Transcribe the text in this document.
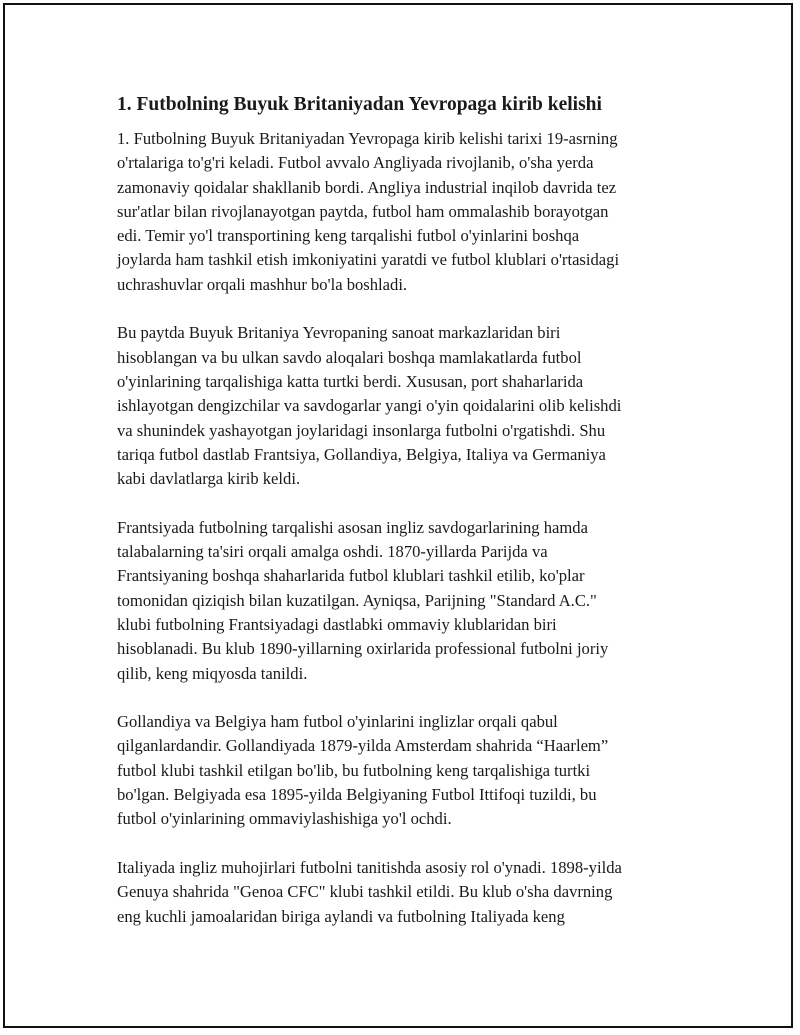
1. Futbolning Buyuk Britaniyadan Yevropaga kirib kelishi

1. Futbolning Buyuk Britaniyadan Yevropaga kirib kelishi tarixi 19-asrning
o'rtalariga to'g'ri keladi. Futbol avvalo Angliyada rivojlanib, o'sha yerda
zamonaviy qoidalar shakllanib bordi. Angliya industrial inqilob davrida tez
sur'atlar bilan rivojlanayotgan paytda, futbol ham ommalashib borayotgan
edi. Temir yo'l transportining keng tarqalishi futbol o'yinlarini boshqa
joylarda ham tashkil etish imkoniyatini yaratdi ve futbol klublari o'rtasidagi
uchrashuvlar orqali mashhur bo'la boshladi.

Bu paytda Buyuk Britaniya Yevropaning sanoat markazlaridan biri
hisoblangan va bu ulkan savdo aloqalari boshqa mamlakatlarda futbol
o'yinlarining tarqalishiga katta turtki berdi. Xususan, port shaharlarida
ishlayotgan dengizchilar va savdogarlar yangi o'yin qoidalarini olib kelishdi
va shunindek yashayotgan joylaridagi insonlarga futbolni o'rgatishdi. Shu
tariqa futbol dastlab Frantsiya, Gollandiya, Belgiya, Italiya va Germaniya
kabi davlatlarga kirib keldi.

Frantsiyada futbolning tarqalishi asosan ingliz savdogarlarining hamda
talabalarning ta'siri orqali amalga oshdi. 1870-yillarda Parijda va
Frantsiyaning boshqa shaharlarida futbol klublari tashkil etilib, ko'plar
tomonidan qiziqish bilan kuzatilgan. Ayniqsa, Parijning "Standard A.C."
klubi futbolning Frantsiyadagi dastlabki ommaviy klublaridan biri
hisoblanadi. Bu klub 1890-yillarning oxirlarida professional futbolni joriy
qilib, keng miqyosda tanildi.

Gollandiya va Belgiya ham futbol o'yinlarini inglizlar orqali qabul
qilganlardandir. Gollandiyada 1879-yilda Amsterdam shahrida “Haarlem”
futbol klubi tashkil etilgan bo'lib, bu futbolning keng tarqalishiga turtki
bo'lgan. Belgiyada esa 1895-yilda Belgiyaning Futbol Ittifoqi tuzildi, bu
futbol o'yinlarining ommaviylashishiga yo'l ochdi.

Italiyada ingliz muhojirlari futbolni tanitishda asosiy rol o'ynadi. 1898-yilda
Genuya shahrida "Genoa CFC" klubi tashkil etildi. Bu klub o'sha davrning
eng kuchli jamoalaridan biriga aylandi va futbolning Italiyada keng
